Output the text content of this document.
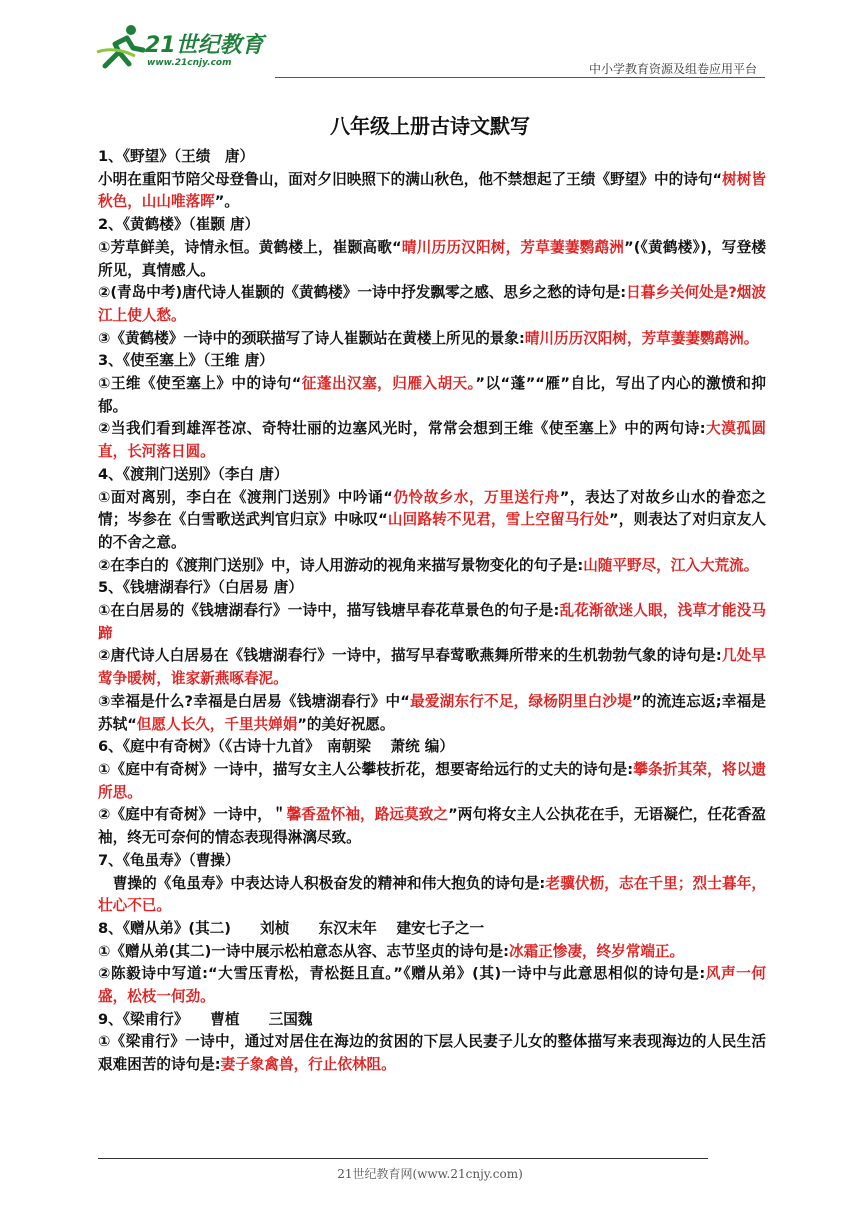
21世纪教育
www.21cnjy.com	中小学教育资源及组卷应用平台
八年级上册古诗文默写

1、《野望》（王绩　唐）

小明在重阳节陪父母登鲁山，面对夕旧映照下的满山秋色，他不禁想起了王绩《野望》中的诗句“树树皆秋色，山山唯落晖”。

2、《黄鹤楼》（崔颢 唐）

①芳草鲜美，诗情永恒。黄鹤楼上，崔颢高歌“晴川历历汉阳树，芳草萋萋鹦鹉洲”(《黄鹤楼》)，写登楼所见，真情感人。

②(青岛中考)唐代诗人崔颢的《黄鹤楼》一诗中抒发飘零之感、思乡之愁的诗句是:日暮乡关何处是?烟波江上使人愁。

③《黄鹤楼》一诗中的颈联描写了诗人崔颢站在黄楼上所见的景象:晴川历历汉阳树，芳草萋萋鹦鹉洲。

3、《使至塞上》（王维 唐）

①王维《使至塞上》中的诗句“征蓬出汉塞，归雁入胡天。”以“蓬”“雁”自比，写出了内心的激愤和抑郁。

②当我们看到雄浑苍凉、奇特壮丽的边塞风光时，常常会想到王维《使至塞上》中的两句诗:大漠孤圆直，长河落日圆。

4、《渡荆门送别》（李白 唐）

①面对离别，李白在《渡荆门送别》中吟诵“仍怜故乡水，万里送行舟”，表达了对故乡山水的眷恋之情；岑参在《白雪歌送武判官归京》中咏叹“山回路转不见君，雪上空留马行处”，则表达了对归京友人的不舍之意。

②在李白的《渡荆门送别》中，诗人用游动的视角来描写景物变化的句子是:山随平野尽，江入大荒流。

5、《钱塘湖春行》（白居易 唐）

①在白居易的《钱塘湖春行》一诗中，描写钱塘早春花草景色的句子是:乱花渐欲迷人眼，浅草才能没马蹄

②唐代诗人白居易在《钱塘湖春行》一诗中，描写早春莺歌燕舞所带来的生机勃勃气象的诗句是:几处早莺争暖树，谁家新燕啄春泥。

③幸福是什么?幸福是白居易《钱塘湖春行》中“最爱湖东行不足，绿杨阴里白沙堤”的流连忘返;幸福是苏轼“但愿人长久，千里共婵娟”的美好祝愿。

6、《庭中有奇树》（《古诗十九首》　南朝梁　 萧统 编）

①《庭中有奇树》一诗中，描写女主人公攀枝折花，想要寄给远行的丈夫的诗句是:攀条折其荣，将以遗所思。

②《庭中有奇树》一诗中，＂馨香盈怀袖，路远莫致之”两句将女主人公执花在手，无语凝伫，任花香盈袖，终无可奈何的情态表现得淋漓尽致。

7、《龟虽寿》（曹操）

　曹操的《龟虽寿》中表达诗人积极奋发的精神和伟大抱负的诗句是:老骥伏枥，志在千里；烈士暮年，壮心不已。

8、《赠从弟》(其二)　　刘桢　　东汉末年　 建安七子之一

①《赠从弟(其二)一诗中展示松柏意态从容、志节坚贞的诗句是:冰霜正惨凄，终岁常端正。

②陈毅诗中写道:“大雪压青松，青松挺且直。”《赠从弟》(其)一诗中与此意思相似的诗句是:风声一何盛，松枝一何劲。

9、《梁甫行》　　曹植　　三国魏

①《梁甫行》一诗中，通过对居住在海边的贫困的下层人民妻子儿女的整体描写来表现海边的人民生活艰难困苦的诗句是:妻子象禽兽，行止依林阻。

21世纪教育网(www.21cnjy.com)
